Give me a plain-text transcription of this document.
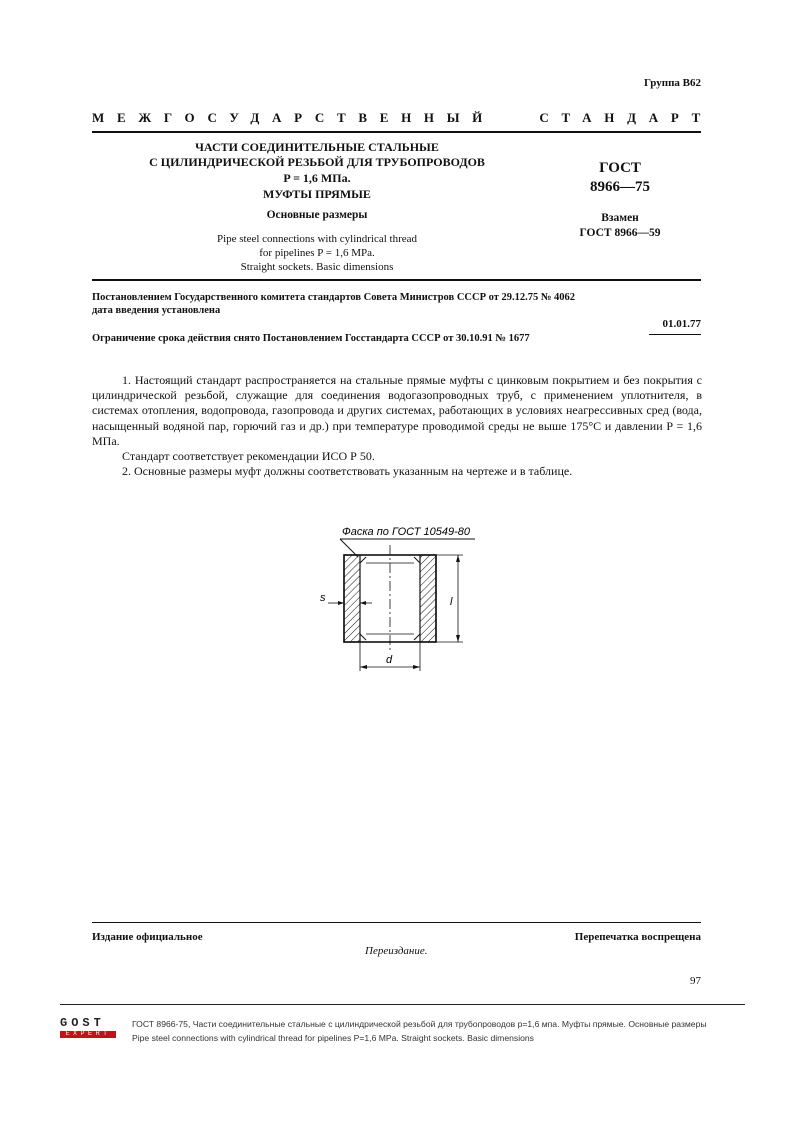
Группа В62
МЕЖГОСУДАРСТВЕННЫЙ	СТАНДАРТ
ЧАСТИ СОЕДИНИТЕЛЬНЫЕ СТАЛЬНЫЕ
С ЦИЛИНДРИЧЕСКОЙ РЕЗЬБОЙ ДЛЯ ТРУБОПРОВОДОВ
P = 1,6 МПа.
МУФТЫ ПРЯМЫЕ
Основные размеры
Pipe steel connections with cylindrical thread
for pipelines P = 1,6 MPa.
Straight sockets. Basic dimensions
ГОСТ
8966—75
Взамен
ГОСТ 8966—59
Постановлением Государственного комитета стандартов Совета Министров СССР от 29.12.75 № 4062
дата введения установлена
01.01.77
Ограничение срока действия снято Постановлением Госстандарта СССР от 30.10.91 № 1677

1. Настоящий стандарт распространяется на стальные прямые муфты с цинковым покрытием и без покрытия с цилиндрической резьбой, служащие для соединения водогазопроводных труб, с применением уплотнителя, в системах отопления, водопровода, газопровода и других системах, работающих в условиях неагрессивных сред (вода, насыщенный водяной пар, горючий газ и др.) при температуре проводимой среды не выше 175°С и давлении P = 1,6 МПа.

Стандарт соответствует рекомендации ИСО Р 50.

2. Основные размеры муфт должны соответствовать указанным на чертеже и в таблице.

Фаска по ГОСТ 10549-80
s	l
d
Издание официальное	Перепечатка воспрещена
Переиздание.
97
GOST
EXPERT
ГОСТ 8966-75, Части соединительные стальные с цилиндрической резьбой для трубопроводов р=1,6 мпа. Муфты прямые. Основные размеры
Pipe steel connections with cylindrical thread for pipelines P=1,6 MPa. Straight sockets. Basic dimensions
